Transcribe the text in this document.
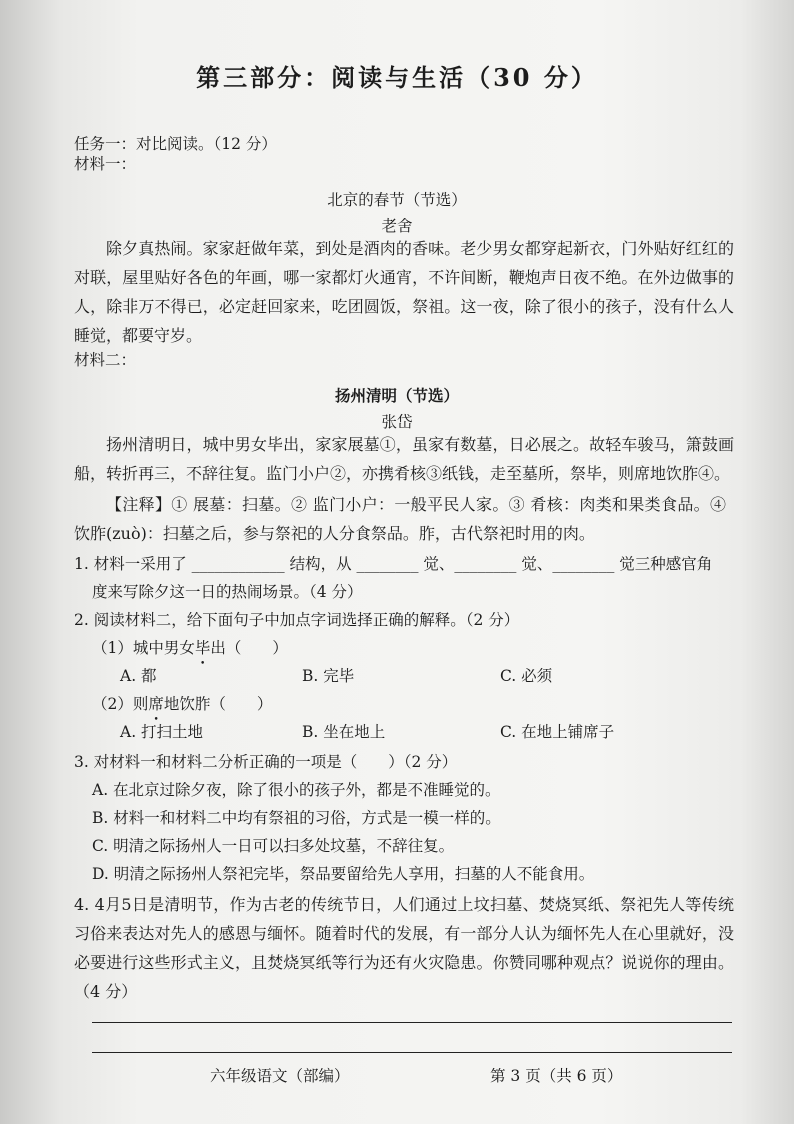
第三部分：阅读与生活（30 分）
任务一：对比阅读。（12 分）
材料一：
北京的春节（节选）
老舍
除夕真热闹。家家赶做年菜，到处是酒肉的香味。老少男女都穿起新衣，门外贴好红红的对联，屋里贴好各色的年画，哪一家都灯火通宵，不许间断，鞭炮声日夜不绝。在外边做事的人，除非万不得已，必定赶回家来，吃团圆饭，祭祖。这一夜，除了很小的孩子，没有什么人睡觉，都要守岁。
材料二：
扬州清明（节选）
张岱
扬州清明日，城中男女毕出，家家展墓①，虽家有数墓，日必展之。故轻车骏马，箫鼓画船，转折再三，不辞往复。监门小户②，亦携肴核③纸钱，走至墓所，祭毕，则席地饮胙④。
【注释】① 展墓：扫墓。② 监门小户：一般平民人家。③ 肴核：肉类和果类食品。④ 饮胙(zuò)：扫墓之后，参与祭祀的人分食祭品。胙，古代祭祀时用的肉。
1. 材料一采用了 ____________ 结构，从 ________ 觉、________ 觉、________ 觉三种感官角
度来写除夕这一日的热闹场景。（4 分）
2. 阅读材料二，给下面句子中加点字词选择正确的解释。（2 分）
（1）城中男女毕出（　　）
A. 都	B. 完毕	C. 必须
（2）则席地饮胙（　　）
A. 打扫土地	B. 坐在地上	C. 在地上铺席子
3. 对材料一和材料二分析正确的一项是（　　）（2 分）
A. 在北京过除夕夜，除了很小的孩子外，都是不准睡觉的。
B. 材料一和材料二中均有祭祖的习俗，方式是一模一样的。
C. 明清之际扬州人一日可以扫多处坟墓，不辞往复。
D. 明清之际扬州人祭祀完毕，祭品要留给先人享用，扫墓的人不能食用。
4. 4月5日是清明节，作为古老的传统节日，人们通过上坟扫墓、焚烧冥纸、祭祀先人等传统习俗来表达对先人的感恩与缅怀。随着时代的发展，有一部分人认为缅怀先人在心里就好，没必要进行这些形式主义，且焚烧冥纸等行为还有火灾隐患。你赞同哪种观点？说说你的理由。（4 分）
六年级语文（部编）	第 3 页（共 6 页）
